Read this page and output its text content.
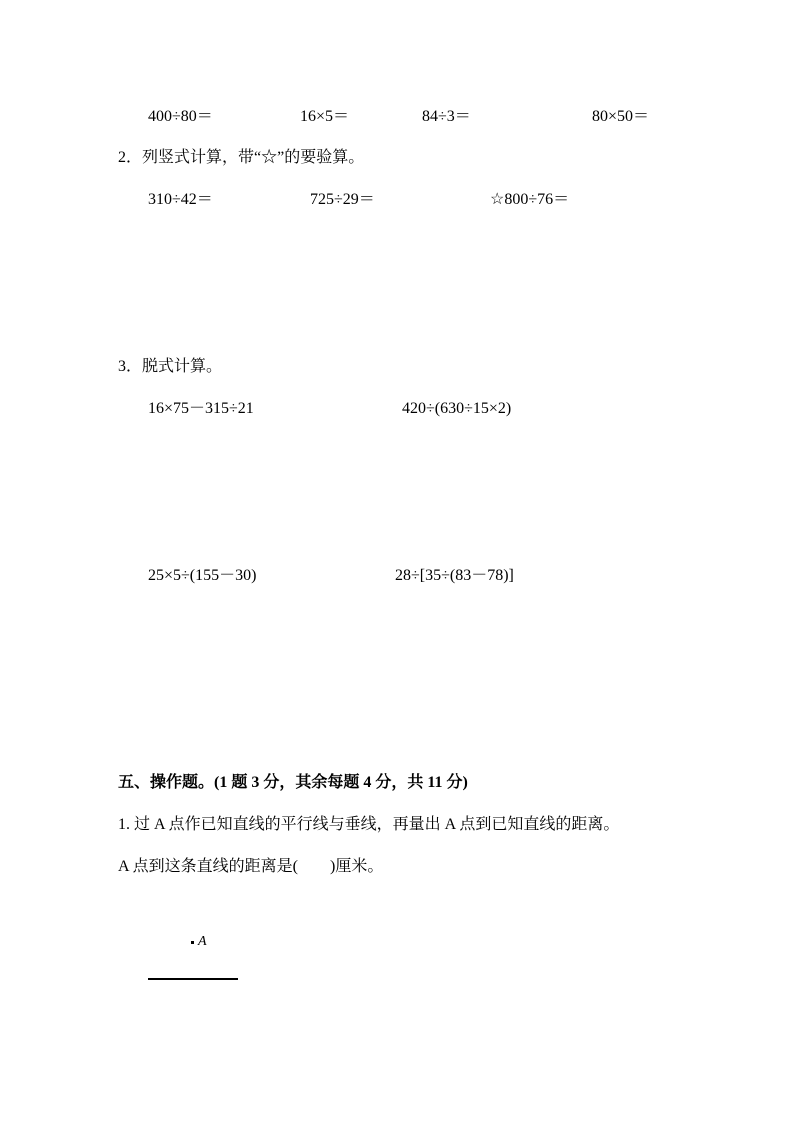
400÷80＝	16×5＝	84÷3＝	80×50＝
2．列竖式计算，带“☆”的要验算。
310÷42＝	725÷29＝	☆800÷76＝
3．脱式计算。
16×75－315÷21	420÷(630÷15×2)
25×5÷(155－30)	28÷[35÷(83－78)]
五、操作题。(1 题 3 分，其余每题 4 分，共 11 分)
1. 过 A 点作已知直线的平行线与垂线，再量出 A 点到已知直线的距离。
A 点到这条直线的距离是(　　)厘米。
A
